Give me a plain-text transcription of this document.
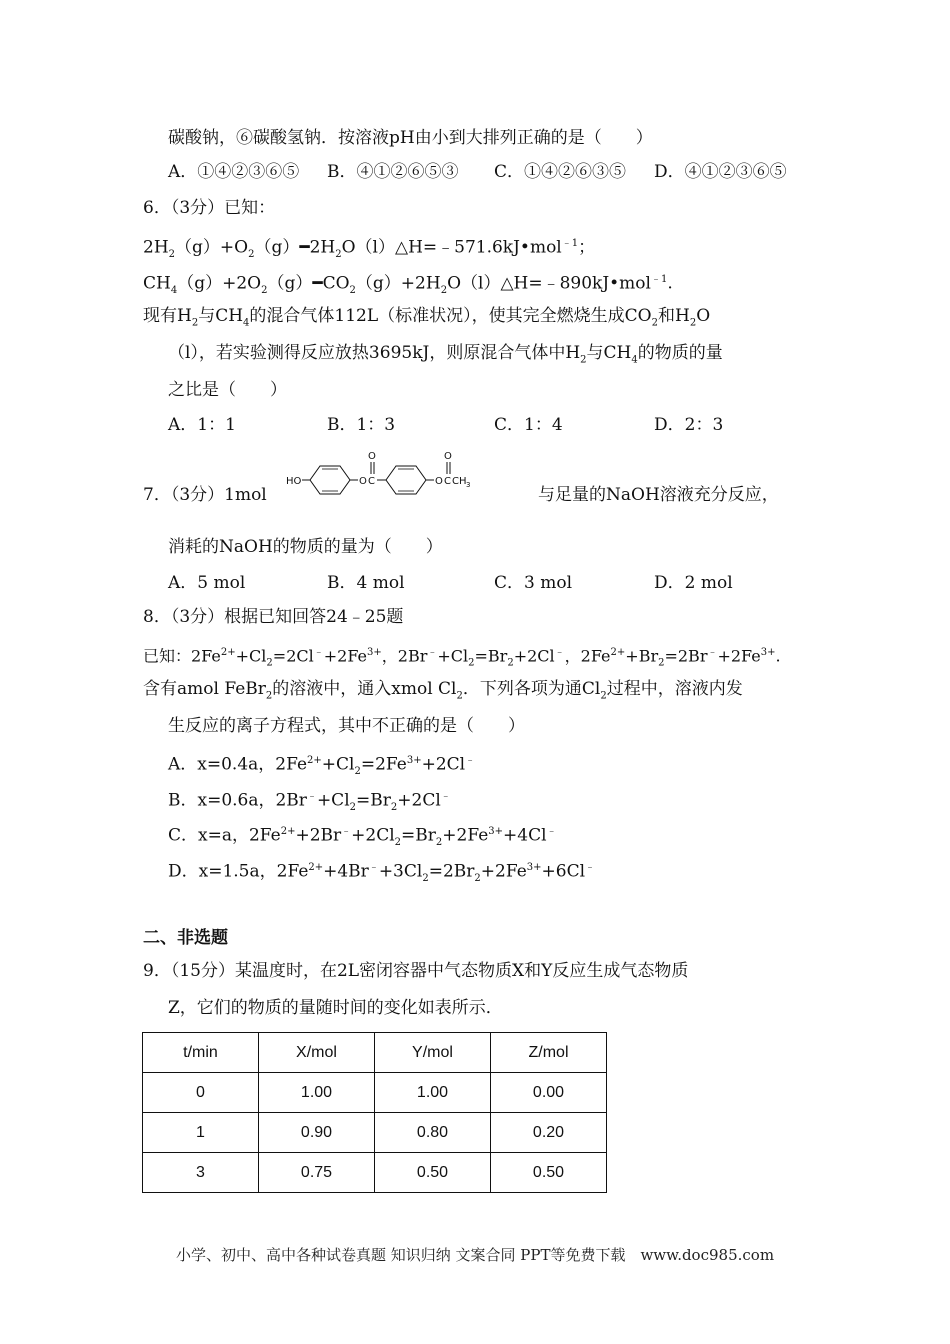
碳酸钠，⑥碳酸氢钠．按溶液pH由小到大排列正确的是（　　）
A．①④②③⑥⑤ B．④①②⑥⑤③ C．①④②⑥③⑤ D．④①②③⑥⑤
6．（3分）已知：
$2H_2(g)+O_2(g)━2H_2O(l)\triangle H=﹣571.6kJ•mol^{﹣1}$；
$CH_4(g)+2O_2(g)━CO_2(g)+2H_2O(l)\triangle H=﹣890kJ•mol^{﹣1}$.
现有$H_2$与$CH_4$的混合气体112L（标准状况），使其完全燃烧生成$CO_2$和$H_2O$
（l），若实验测得反应放热3695kJ，则原混合气体中$H_2$与$CH_4$的物质的量
之比是（　　）
A．1：1	B．1：3	C．1：4	D．2：3
7．（3分）1mol
HO	O C
O
O C
O
CH 3	与足量的NaOH溶液充分反应，
消耗的NaOH的物质的量为（　　）
A．5 mol	B．4 mol	C．3 mol	D．2 mol
8．（3分）根据已知回答24﹣25题
已知：$2Fe^{2+}+Cl_2=2Cl^﹣+2Fe^{3+}$，$2Br^﹣+Cl_2=Br_2+2Cl^﹣$，$2Fe^{2+}+Br_2=2Br^﹣+2Fe^{3+}$.
含有amol FeBr$_2$的溶液中，通入xmol $Cl_2$．下列各项为通$Cl_2$过程中，溶液内发
生反应的离子方程式，其中不正确的是（　　）
A．x=0.4a，$2Fe^{2+}+Cl_2=2Fe^{3+}+2Cl^﹣$
B．x=0.6a，$2Br^﹣+Cl_2=Br_2+2Cl^﹣$
C．x=a，$2Fe^{2+}+2Br^﹣+2Cl_2=Br_2+2Fe^{3+}+4Cl^﹣$
D．x=1.5a，$2Fe^{2+}+4Br^﹣+3Cl_2=2Br_2+2Fe^{3+}+6Cl^﹣$
二、非选题
9．（15分）某温度时，在2L密闭容器中气态物质X和Y反应生成气态物质
Z，它们的物质的量随时间的变化如表所示．
t/min	X/mol	Y/mol	Z/mol
0	1.00	1.00	0.00
1	0.90	0.80	0.20
3	0.75	0.50	0.50
小学、初中、高中各种试卷真题 知识归纳 文案合同 PPT等免费下载　www.doc985.com
